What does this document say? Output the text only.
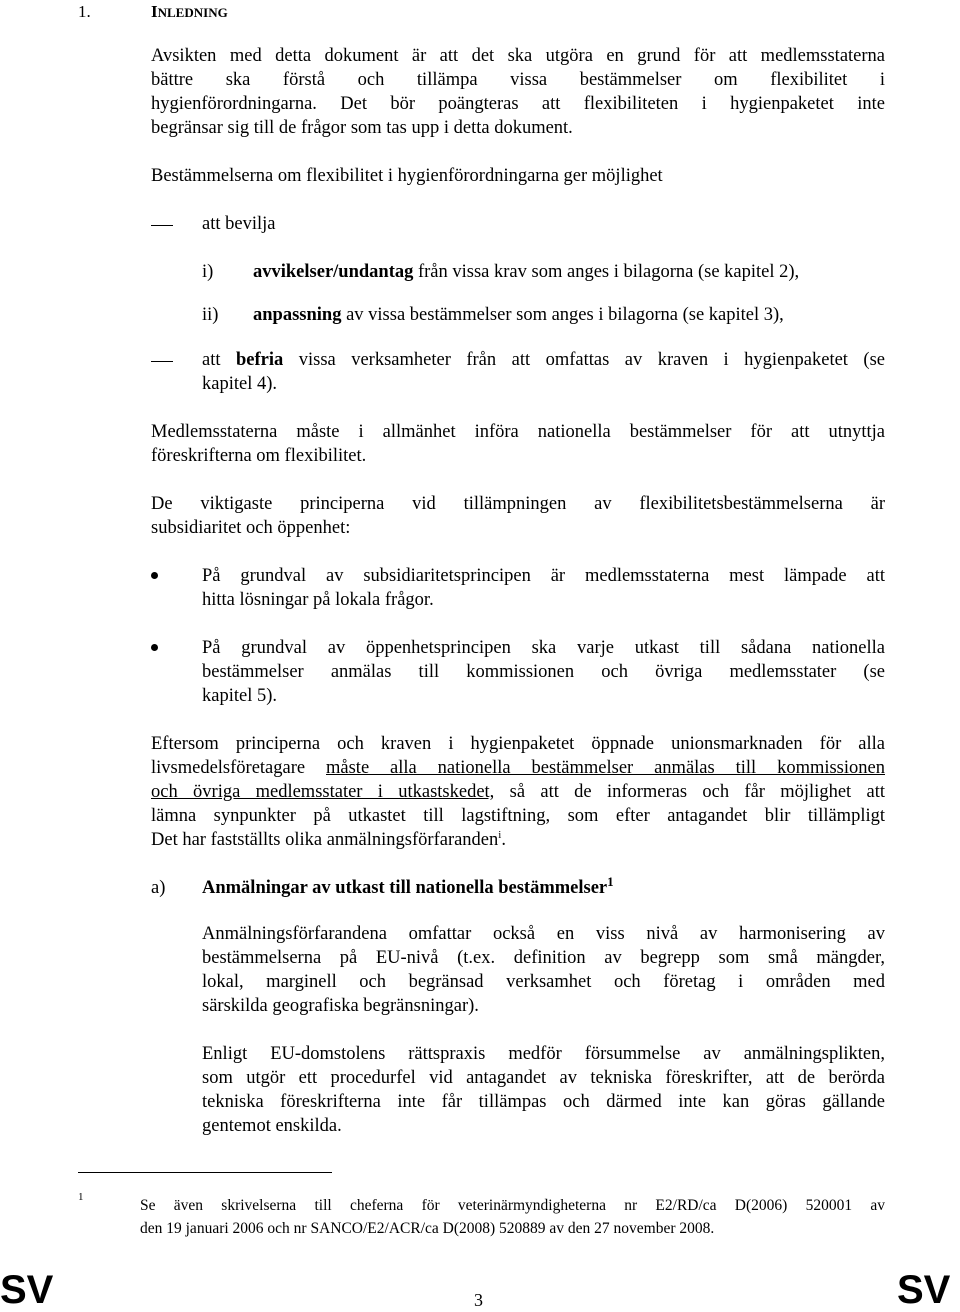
1.	INLEDNING
Avsikten med detta dokument är att det ska utgöra en grund för att medlemsstaterna
bättre ska förstå och tillämpa vissa bestämmelser om flexibilitet i
hygienförordningarna. Det bör poängteras att flexibiliteten i hygienpaketet inte
begränsar sig till de frågor som tas upp i detta dokument.
Bestämmelserna om flexibilitet i hygienförordningarna ger möjlighet
att bevilja
i) avvikelser/undantag från vissa krav som anges i bilagorna (se kapitel 2),
ii) anpassning av vissa bestämmelser som anges i bilagorna (se kapitel 3),
att befria vissa verksamheter från att omfattas av kraven i hygienpaketet (se
kapitel 4).
Medlemsstaterna måste i allmänhet införa nationella bestämmelser för att utnyttja
föreskrifterna om flexibilitet.
De viktigaste principerna vid tillämpningen av flexibilitetsbestämmelserna är
subsidiaritet och öppenhet:
På grundval av subsidiaritetsprincipen är medlemsstaterna mest lämpade att
hitta lösningar på lokala frågor.
På grundval av öppenhetsprincipen ska varje utkast till sådana nationella
bestämmelser anmälas till kommissionen och övriga medlemsstater (se
kapitel 5).
Eftersom principerna och kraven i hygienpaketet öppnade unionsmarknaden för alla
livsmedelsföretagare måste alla nationella bestämmelser anmälas till kommissionen
och övriga medlemsstater i utkastskedet, så att de informeras och får möjlighet att
lämna synpunkter på utkastet till lagstiftning, som efter antagandet blir tillämpligt
Det har fastställts olika anmälningsförfaranden$^i$.
a) Anmälningar av utkast till nationella bestämmelser$^1$
Anmälningsförfarandena omfattar också en viss nivå av harmonisering av
bestämmelserna på EU-nivå (t.ex. definition av begrepp som små mängder,
lokal, marginell och begränsad verksamhet och företag i områden med
särskilda geografiska begränsningar).
Enligt EU-domstolens rättspraxis medför försummelse av anmälningsplikten,
som utgör ett procedurfel vid antagandet av tekniska föreskrifter, att de berörda
tekniska föreskrifterna inte får tillämpas och därmed inte kan göras gällande
gentemot enskilda.
1	Se även skrivelserna till cheferna för veterinärmyndigheterna nr E2/RD/ca D(2006) 520001 av
den 19 januari 2006 och nr SANCO/E2/ACR/ca D(2008) 520889 av den 27 november 2008.
SV	3	SV
